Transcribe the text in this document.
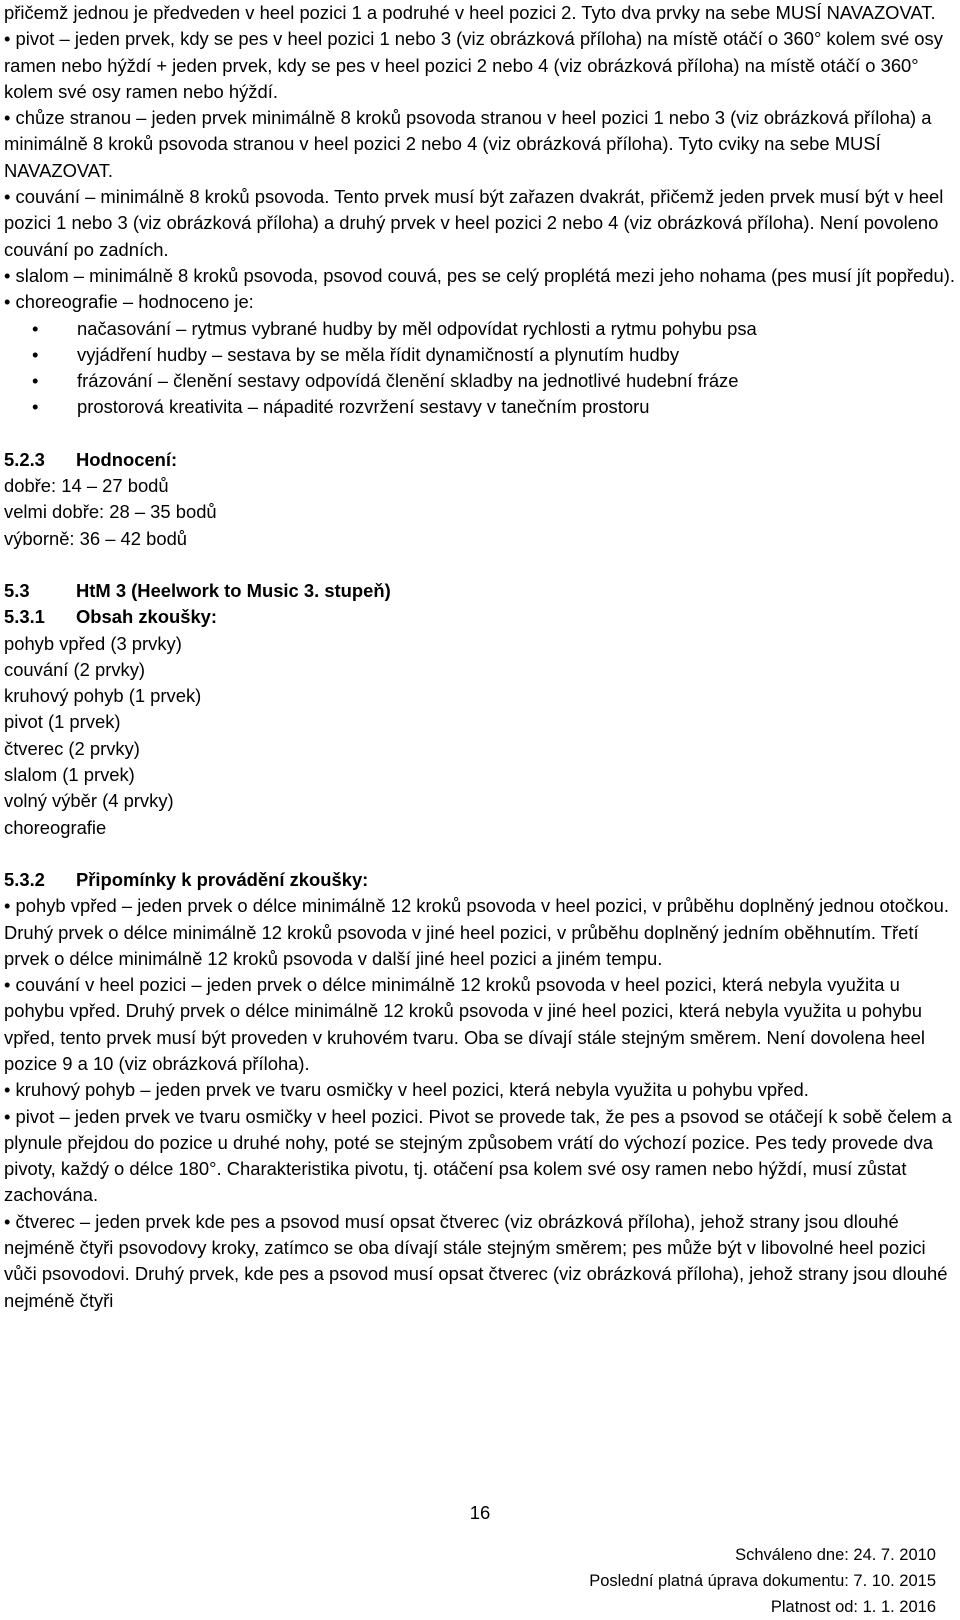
přičemž jednou je předveden v heel pozici 1 a podruhé v heel pozici 2. Tyto dva prvky na sebe MUSÍ NAVAZOVAT.

• pivot – jeden prvek, kdy se pes v heel pozici 1 nebo 3 (viz obrázková příloha) na místě otáčí o 360° kolem své osy ramen nebo hýždí + jeden prvek, kdy se pes v heel pozici 2 nebo 4 (viz obrázková příloha) na místě otáčí o 360° kolem své osy ramen nebo hýždí.

• chůze stranou – jeden prvek minimálně 8 kroků psovoda stranou v heel pozici 1 nebo 3 (viz obrázková příloha) a minimálně 8 kroků psovoda stranou v heel pozici 2 nebo 4 (viz obrázková příloha). Tyto cviky na sebe MUSÍ NAVAZOVAT.

• couvání – minimálně 8 kroků psovoda. Tento prvek musí být zařazen dvakrát, přičemž jeden prvek musí být v heel pozici 1 nebo 3 (viz obrázková příloha) a druhý prvek v heel pozici 2 nebo 4 (viz obrázková příloha). Není povoleno couvání po zadních.

• slalom – minimálně 8 kroků psovoda, psovod couvá, pes se celý proplétá mezi jeho nohama (pes musí jít popředu).

• choreografie – hodnoceno je:

• načasování – rytmus vybrané hudby by měl odpovídat rychlosti a rytmu pohybu psa
• vyjádření hudby – sestava by se měla řídit dynamičností a plynutím hudby
• frázování – členění sestavy odpovídá členění skladby na jednotlivé hudební fráze
• prostorová kreativita – nápadité rozvržení sestavy v tanečním prostoru
5.2.3 Hodnocení:

dobře: 14 – 27 bodů

velmi dobře: 28 – 35 bodů

výborně: 36 – 42 bodů

5.3	HtM 3 (Heelwork to Music 3. stupeň)
5.3.1 Obsah zkoušky:

pohyb vpřed (3 prvky)

couvání (2 prvky)

kruhový pohyb (1 prvek)

pivot (1 prvek)

čtverec (2 prvky)

slalom (1 prvek)

volný výběr (4 prvky)

choreografie

5.3.2 Připomínky k provádění zkoušky:

• pohyb vpřed – jeden prvek o délce minimálně 12 kroků psovoda v heel pozici, v průběhu doplněný jednou otočkou. Druhý prvek o délce minimálně 12 kroků psovoda v jiné heel pozici, v průběhu doplněný jedním oběhnutím. Třetí prvek o délce minimálně 12 kroků psovoda v další jiné heel pozici a jiném tempu.

• couvání v heel pozici – jeden prvek o délce minimálně 12 kroků psovoda v heel pozici, která nebyla využita u pohybu vpřed. Druhý prvek o délce minimálně 12 kroků psovoda v jiné heel pozici, která nebyla využita u pohybu vpřed, tento prvek musí být proveden v kruhovém tvaru. Oba se dívají stále stejným směrem. Není dovolena heel pozice 9 a 10 (viz obrázková příloha).

• kruhový pohyb – jeden prvek ve tvaru osmičky v heel pozici, která nebyla využita u pohybu vpřed.

• pivot – jeden prvek ve tvaru osmičky v heel pozici. Pivot se provede tak, že pes a psovod se otáčejí k sobě čelem a plynule přejdou do pozice u druhé nohy, poté se stejným způsobem vrátí do výchozí pozice. Pes tedy provede dva pivoty, každý o délce 180°. Charakteristika pivotu, tj. otáčení psa kolem své osy ramen nebo hýždí, musí zůstat zachována.

• čtverec – jeden prvek kde pes a psovod musí opsat čtverec (viz obrázková příloha), jehož strany jsou dlouhé nejméně čtyři psovodovy kroky, zatímco se oba dívají stále stejným směrem; pes může být v libovolné heel pozici vůči psovodovi. Druhý prvek, kde pes a psovod musí opsat čtverec (viz obrázková příloha), jehož strany jsou dlouhé nejméně čtyři

16
Schváleno dne: 24. 7. 2010
Poslední platná úprava dokumentu: 7. 10. 2015
Platnost od: 1. 1. 2016
